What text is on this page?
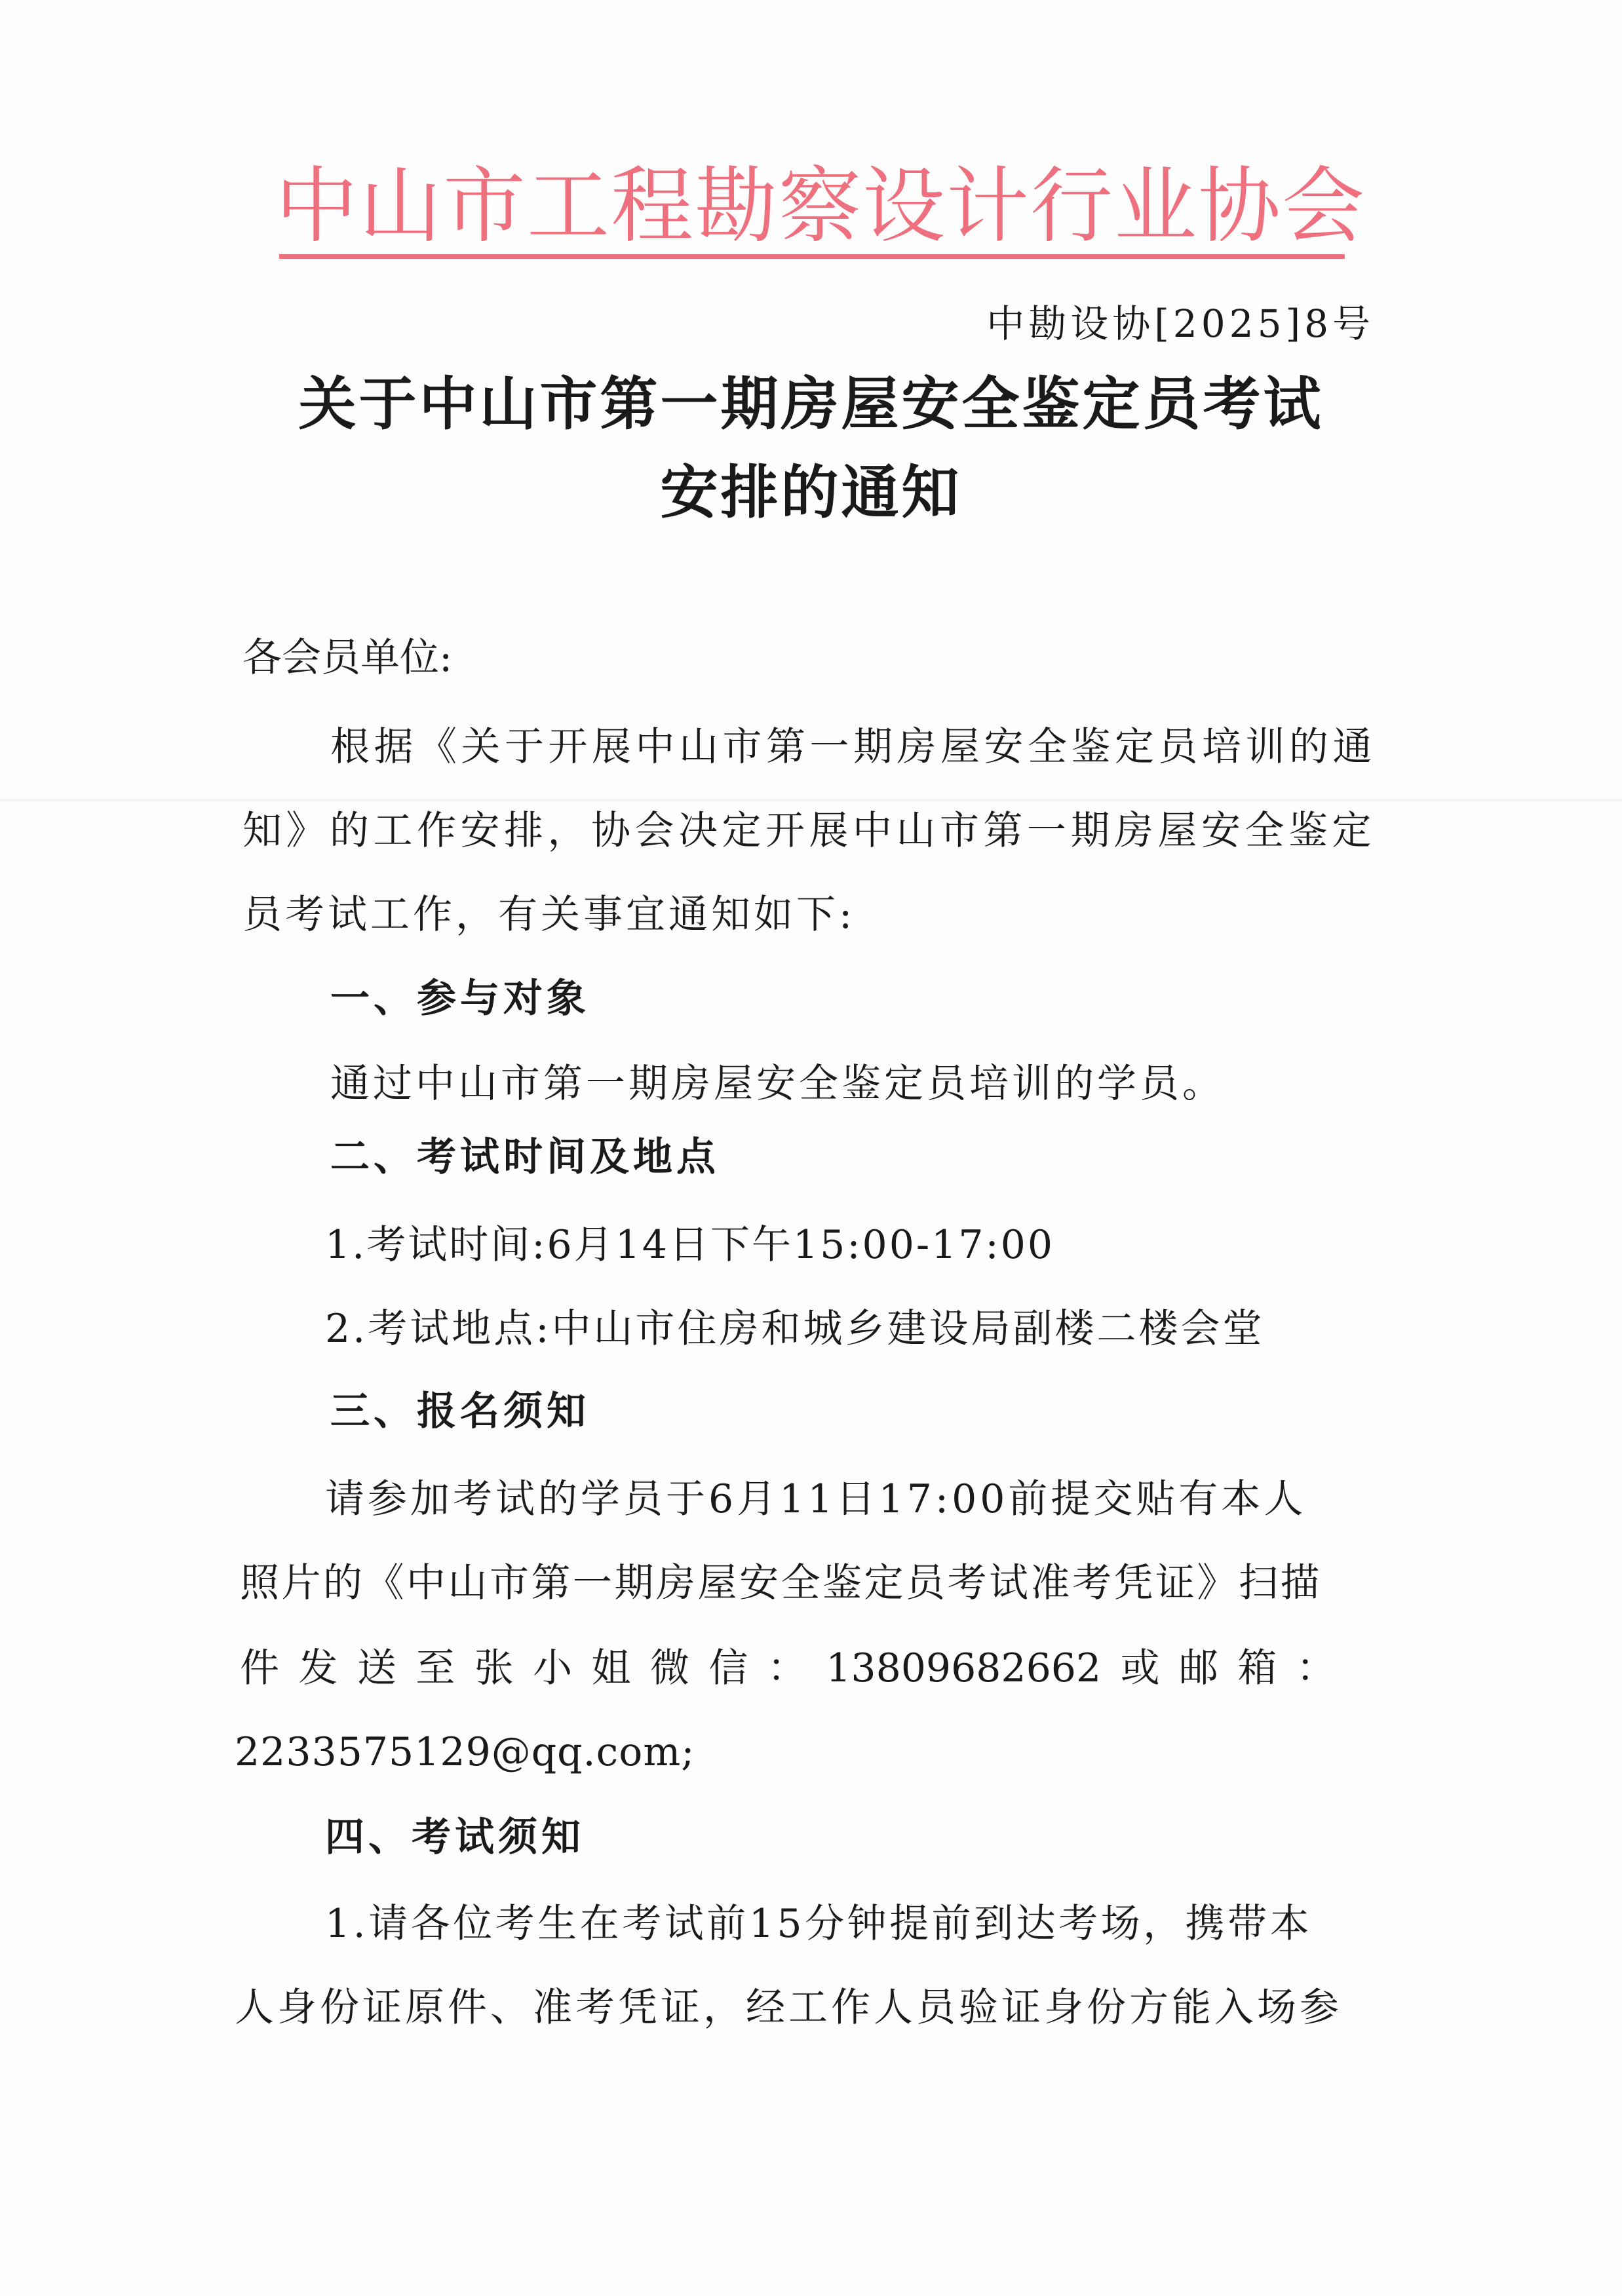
中山市工程勘察设计行业协会
中勘设协[2025]8号
关于中山市第一期房屋安全鉴定员考试
安排的通知
各会员单位:
根据《关于开展中山市第一期房屋安全鉴定员培训的通
知》的工作安排，协会决定开展中山市第一期房屋安全鉴定
员考试工作，有关事宜通知如下:
一、参与对象
通过中山市第一期房屋安全鉴定员培训的学员。
二、考试时间及地点
1.考试时间:6月14日下午15:00-17:00
2.考试地点:中山市住房和城乡建设局副楼二楼会堂
三、报名须知
请参加考试的学员于6月11日17:00前提交贴有本人
照片的《中山市第一期房屋安全鉴定员考试准考凭证》扫描
件 发 送 至 张 小 姐 微 信 ： 13809682662 或 邮 箱 ：
2233575129@qq.com;
四、考试须知
1.请各位考生在考试前15分钟提前到达考场，携带本
人身份证原件、准考凭证，经工作人员验证身份方能入场参
